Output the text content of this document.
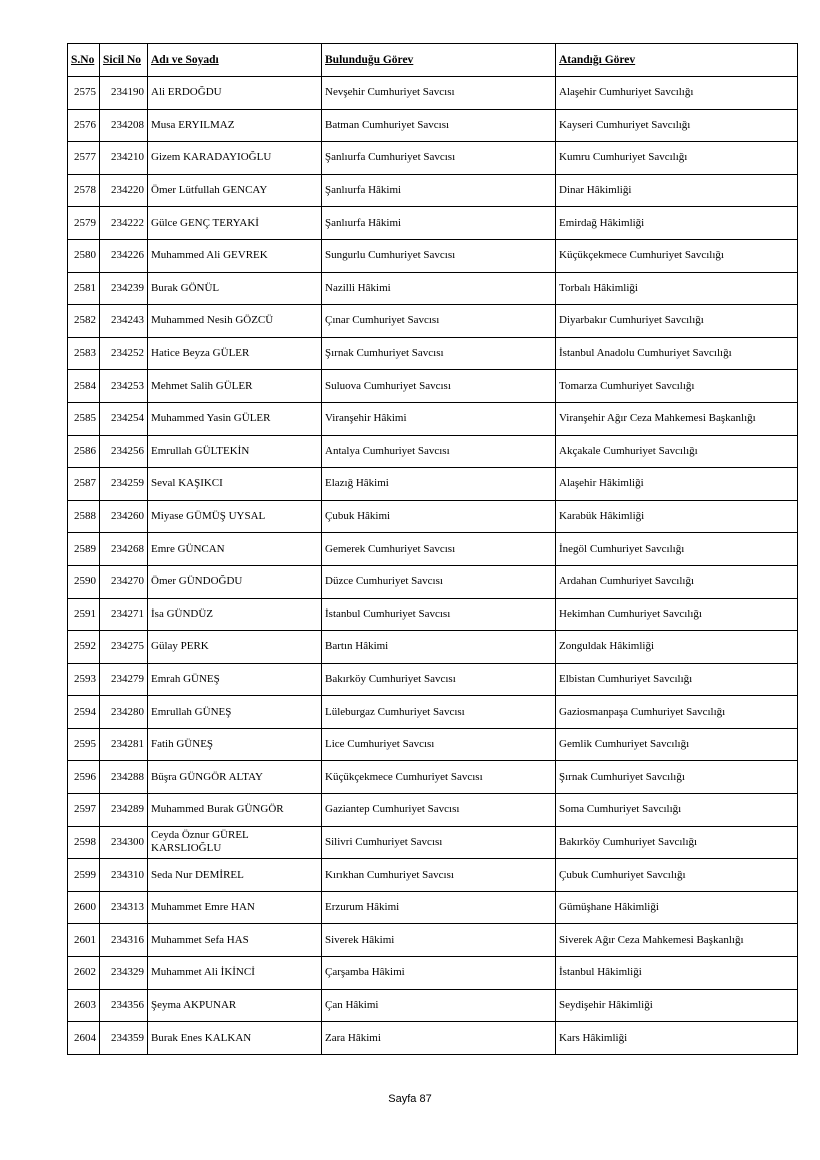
S.No	Sicil No	Adı ve Soyadı	Bulunduğu Görev	Atandığı Görev
2575	234190	Ali ERDOĞDU	Nevşehir Cumhuriyet Savcısı	Alaşehir Cumhuriyet Savcılığı
2576	234208	Musa ERYILMAZ	Batman Cumhuriyet Savcısı	Kayseri Cumhuriyet Savcılığı
2577	234210	Gizem KARADAYIOĞLU	Şanlıurfa Cumhuriyet Savcısı	Kumru Cumhuriyet Savcılığı
2578	234220	Ömer Lütfullah GENCAY	Şanlıurfa Hâkimi	Dinar Hâkimliği
2579	234222	Gülce GENÇ TERYAKİ	Şanlıurfa Hâkimi	Emirdağ Hâkimliği
2580	234226	Muhammed Ali GEVREK	Sungurlu Cumhuriyet Savcısı	Küçükçekmece Cumhuriyet Savcılığı
2581	234239	Burak GÖNÜL	Nazilli Hâkimi	Torbalı Hâkimliği
2582	234243	Muhammed Nesih GÖZCÜ	Çınar Cumhuriyet Savcısı	Diyarbakır Cumhuriyet Savcılığı
2583	234252	Hatice Beyza GÜLER	Şırnak Cumhuriyet Savcısı	İstanbul Anadolu Cumhuriyet Savcılığı
2584	234253	Mehmet Salih GÜLER	Suluova Cumhuriyet Savcısı	Tomarza Cumhuriyet Savcılığı
2585	234254	Muhammed Yasin GÜLER	Viranşehir Hâkimi	Viranşehir Ağır Ceza Mahkemesi Başkanlığı
2586	234256	Emrullah GÜLTEKİN	Antalya Cumhuriyet Savcısı	Akçakale Cumhuriyet Savcılığı
2587	234259	Seval KAŞIKCI	Elazığ Hâkimi	Alaşehir Hâkimliği
2588	234260	Miyase GÜMÜŞ UYSAL	Çubuk Hâkimi	Karabük Hâkimliği
2589	234268	Emre GÜNCAN	Gemerek Cumhuriyet Savcısı	İnegöl Cumhuriyet Savcılığı
2590	234270	Ömer GÜNDOĞDU	Düzce Cumhuriyet Savcısı	Ardahan Cumhuriyet Savcılığı
2591	234271	İsa GÜNDÜZ	İstanbul Cumhuriyet Savcısı	Hekimhan Cumhuriyet Savcılığı
2592	234275	Gülay PERK	Bartın Hâkimi	Zonguldak Hâkimliği
2593	234279	Emrah GÜNEŞ	Bakırköy Cumhuriyet Savcısı	Elbistan Cumhuriyet Savcılığı
2594	234280	Emrullah GÜNEŞ	Lüleburgaz Cumhuriyet Savcısı	Gaziosmanpaşa Cumhuriyet Savcılığı
2595	234281	Fatih GÜNEŞ	Lice Cumhuriyet Savcısı	Gemlik Cumhuriyet Savcılığı
2596	234288	Büşra GÜNGÖR ALTAY	Küçükçekmece Cumhuriyet Savcısı	Şırnak Cumhuriyet Savcılığı
2597	234289	Muhammed Burak GÜNGÖR	Gaziantep Cumhuriyet Savcısı	Soma Cumhuriyet Savcılığı
2598	234300	Ceyda Öznur GÜREL KARSLIOĞLU	Silivri Cumhuriyet Savcısı	Bakırköy Cumhuriyet Savcılığı
2599	234310	Seda Nur DEMİREL	Kırıkhan Cumhuriyet Savcısı	Çubuk Cumhuriyet Savcılığı
2600	234313	Muhammet Emre HAN	Erzurum Hâkimi	Gümüşhane Hâkimliği
2601	234316	Muhammet Sefa HAS	Siverek Hâkimi	Siverek Ağır Ceza Mahkemesi Başkanlığı
2602	234329	Muhammet Ali İKİNCİ	Çarşamba Hâkimi	İstanbul Hâkimliği
2603	234356	Şeyma AKPUNAR	Çan Hâkimi	Seydişehir Hâkimliği
2604	234359	Burak Enes KALKAN	Zara Hâkimi	Kars Hâkimliği
Sayfa 87
